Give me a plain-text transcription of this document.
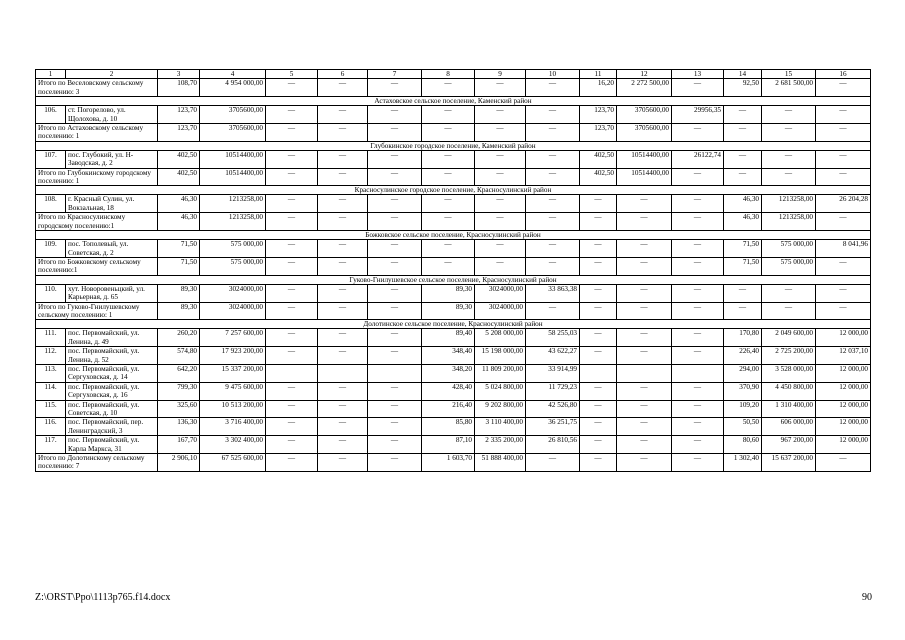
1	2	3	4	5	6	7	8	9	10	11	12	13	14	15	16
Итого по Веселовскому сельскому поселению: 3		108,70	4 954 000,00	—	—	—	—	—	—	16,20	2 272 500,00	—	92,50	2 681 500,00	—
Астаховское сельское поселение, Каменский район															
106.	ст. Погорелово, ул. Щолохова, д. 10	123,70	3705600,00	—	—	—	—	—	—	123,70	3705600,00	29956,35	—	—	—
Итого по Астаховскому сельскому поселению: 1		123,70	3705600,00	—	—	—	—	—	—	123,70	3705600,00	—	—	—	—
Глубокинское городское поселение, Каменский район															
107.	пос. Глубокий, ул. Н-Заводская, д. 2	402,50	10514400,00	—	—	—	—	—	—	402,50	10514400,00	26122,74	—	—	—
Итого по Глубокинскому городскому поселению: 1		402,50	10514400,00	—	—	—	—	—	—	402,50	10514400,00	—	—	—	—
Красносулинское городское поселение, Красносулинский район															
108.	г. Красный Сулин, ул. Вокзальная, 18	46,30	1213258,00	—	—	—	—	—	—	—	—	—	46,30	1213258,00	26 204,28
Итого по Красносулинскому городскому поселению:1		46,30	1213258,00	—	—	—	—	—	—	—	—	—	46,30	1213258,00	—
Божковское сельское поселение, Красносулинский район															
109.	пос. Тополевый, ул. Советская, д. 2	71,50	575 000,00	—	—	—	—	—	—	—	—	—	71,50	575 000,00	8 041,96
Итого по Божковскому сельскому поселению:1		71,50	575 000,00	—	—	—	—	—	—	—	—	—	71,50	575 000,00	—
Гуково-Гнилушевское сельское поселение, Красносулинский район															
110.	хут. Новоровеньцкий, ул. Карьерная, д. 65	89,30	3024000,00	—	—	—	89,30	3024000,00	33 863,38	—	—	—	—	—	—
Итого по Гуково-Гнилушевскому сельскому поселению: 1		89,30	3024000,00	—	—	—	89,30	3024000,00	—	—	—	—	—	—	—
Долотинское сельское поселение, Красносулинский район															
111.	пос. Первомайский, ул. Ленина, д. 49	260,20	7 257 600,00	—	—	—	89,40	5 208 000,00	58 255,03	—	—	—	170,80	2 049 600,00	12 000,00
112.	пос. Первомайский, ул. Ленина, д. 52	574,80	17 923 200,00	—	—	—	348,40	15 198 000,00	43 622,27	—	—	—	226,40	2 725 200,00	12 037,10
113.	пос. Первомайский, ул. Сергуховская, д. 14	642,20	15 337 200,00				348,20	11 809 200,00	33 914,99				294,00	3 528 000,00	12 000,00
114.	пос. Первомайский, ул. Сергуховская, д. 16	799,30	9 475 600,00	—	—	—	428,40	5 024 800,00	11 729,23	—	—	—	370,90	4 450 800,00	12 000,00
115.	пос. Первомайский, ул. Советская, д. 10	325,60	10 513 200,00	—	—	—	216,40	9 202 800,00	42 526,80	—	—	—	109,20	1 310 400,00	12 000,00
116.	пос. Первомайский, пер. Ленинградский, 3	136,30	3 716 400,00	—	—	—	85,80	3 110 400,00	36 251,75	—	—	—	50,50	606 000,00	12 000,00
117.	пос. Первомайский, ул. Карла Маркса, 31	167,70	3 302 400,00	—	—	—	87,10	2 335 200,00	26 810,56	—	—	—	80,60	967 200,00	12 000,00
Итого по Долотинскому сельскому поселению: 7		2 906,10	67 525 600,00	—	—	—	1 603,70	51 888 400,00	—	—	—	—	1 302,40	15 637 200,00	—
Z:\ORST\Ppo\1113p765.f14.docx	90
